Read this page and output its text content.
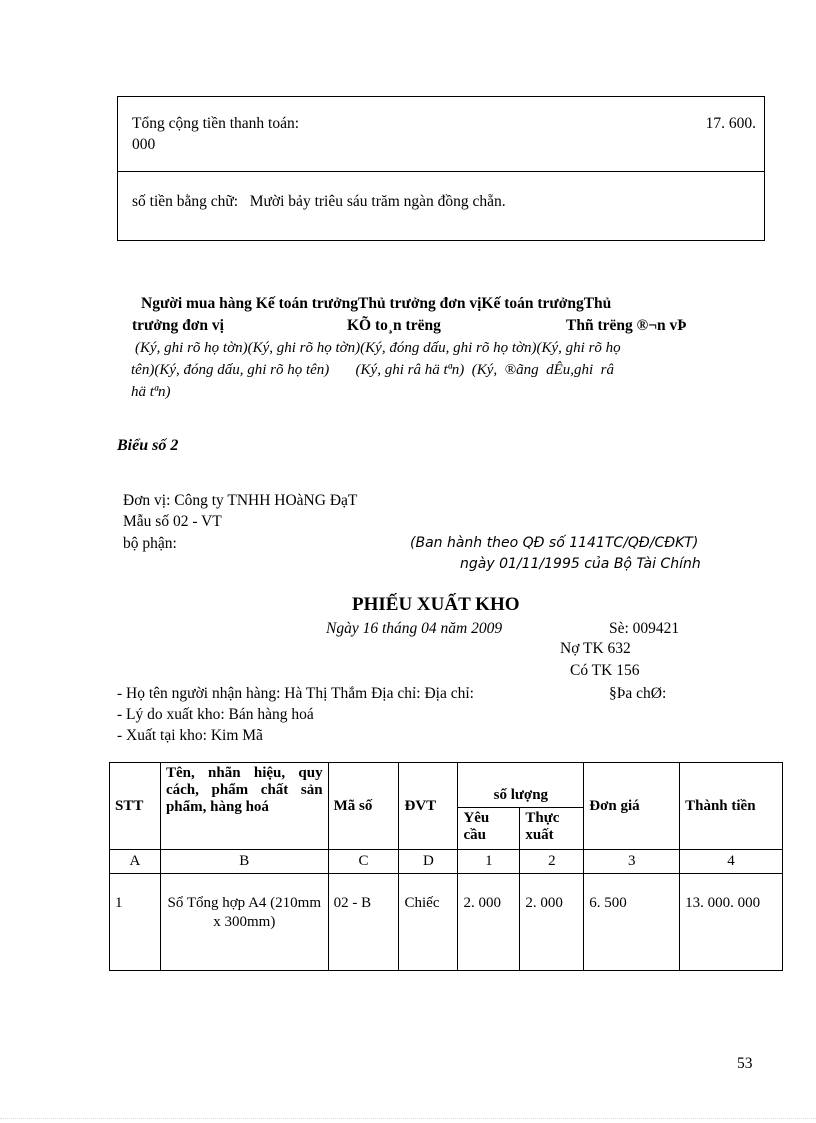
Tổng cộng tiền thanh toán:	17. 600.
000
số tiền bằng chữ: Mười bảy triêu sáu trăm ngàn đồng chẵn.
Người mua hàng Kế toán trưởngThủ trưởng đơn vịKế toán trưởngThủ
trưởng đơn vị	KÕ to¸n trëng	Thñ trëng ®¬n vÞ
(Ký, ghi rõ họ tờn)(Ký, ghi rõ họ tờn)(Ký, đóng dấu, ghi rõ họ tờn)(Ký, ghi rõ họ
tên)(Ký, đóng dấu, ghi rõ họ tên)       (Ký, ghi râ hä tªn)  (Ký,  ®ãng  dÊu,ghi  râ
hä tªn)
Biểu số 2
Đơn vị: Công ty TNHH HOàNG ĐạT
Mẫu số 02 - VT
bộ phận:	(Ban hành theo QĐ số 1141TC/QĐ/CĐKT)
ngày 01/11/1995 của Bộ Tài Chính
PHIẾU XUẤT KHO
Ngày 16 tháng 04 năm 2009	Sè: 009421
Nợ TK 632
Có TK 156
- Họ tên người nhận hàng: Hà Thị Thắm Địa chỉ: Địa chỉ:	§Þa chØ:
- Lý do xuất kho: Bán hàng hoá
- Xuất tại kho: Kim Mã
STT	Tên, nhãn hiệu, quy cách, phẩm chất sản phẩm, hàng hoá	Mã số	ĐVT	số lượng		Đơn giá	Thành tiền
				Yêu cầu	Thực xuất		
A	B	C	D	1	2	3	4
1	Sổ Tổng hợp A4 (210mm x 300mm)	02 - B	Chiếc	2. 000	2. 000	6. 500	13. 000. 000
53
